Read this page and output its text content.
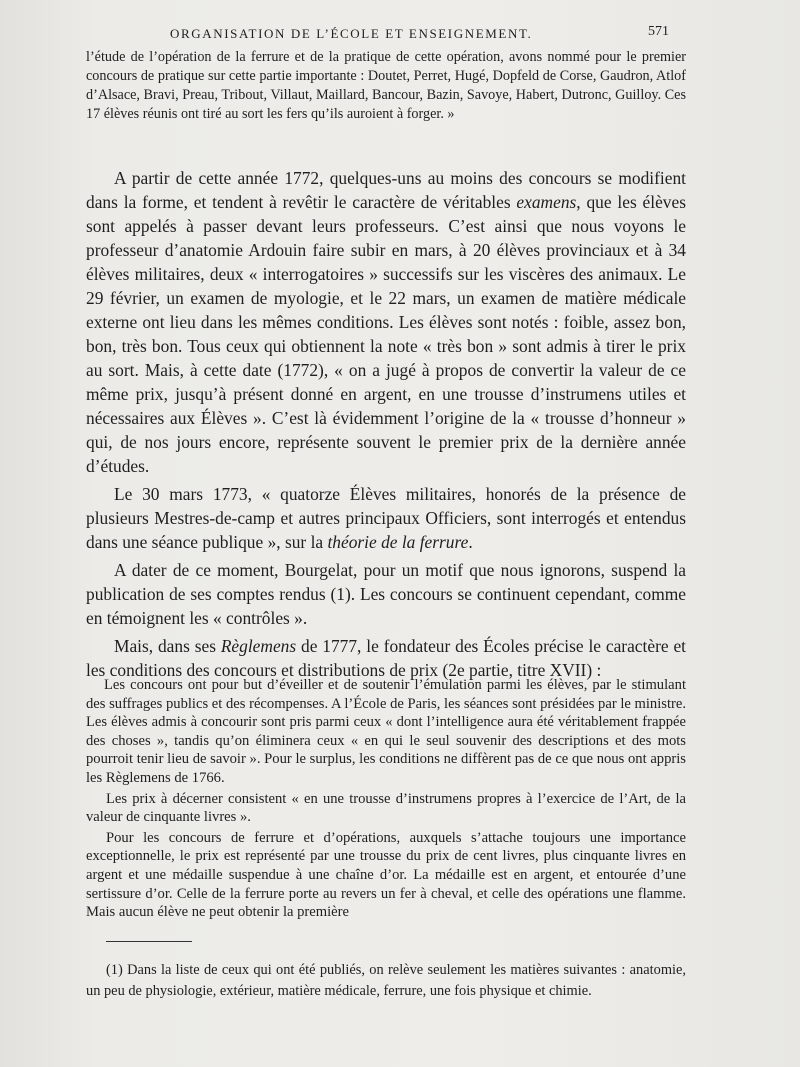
ORGANISATION DE L’ÉCOLE ET ENSEIGNEMENT.	571

l’étude de l’opération de la ferrure et de la pratique de cette opération, avons nommé pour le premier concours de pratique sur cette partie importante : Doutet, Perret, Hugé, Dopfeld de Corse, Gaudron, Atlof d’Alsace, Bravi, Preau, Tribout, Villaut, Maillard, Bancour, Bazin, Savoye, Habert, Dutronc, Guilloy. Ces 17 élèves réunis ont tiré au sort les fers qu’ils auroient à forger. »

A partir de cette année 1772, quelques-uns au moins des concours se modifient dans la forme, et tendent à revêtir le caractère de véritables examens, que les élèves sont appelés à passer devant leurs professeurs. C’est ainsi que nous voyons le professeur d’anatomie Ardouin faire subir en mars, à 20 élèves provinciaux et à 34 élèves militaires, deux « interrogatoires » successifs sur les viscères des animaux. Le 29 février, un examen de myologie, et le 22 mars, un examen de matière médicale externe ont lieu dans les mêmes conditions. Les élèves sont notés : foible, assez bon, bon, très bon. Tous ceux qui obtiennent la note « très bon » sont admis à tirer le prix au sort. Mais, à cette date (1772), « on a jugé à propos de convertir la valeur de ce même prix, jusqu’à présent donné en argent, en une trousse d’instrumens utiles et nécessaires aux Élèves ». C’est là évidemment l’origine de la « trousse d’honneur » qui, de nos jours encore, représente souvent le premier prix de la dernière année d’études.

Le 30 mars 1773, « quatorze Élèves militaires, honorés de la présence de plusieurs Mestres-de-camp et autres principaux Officiers, sont interrogés et entendus dans une séance publique », sur la théorie de la ferrure.

A dater de ce moment, Bourgelat, pour un motif que nous ignorons, suspend la publication de ses comptes rendus (1). Les concours se continuent cependant, comme en témoignent les « contrôles ».

Mais, dans ses Règlemens de 1777, le fondateur des Écoles précise le caractère et les conditions des concours et distributions de prix (2e partie, titre XVII) :

Les concours ont pour but d’éveiller et de soutenir l’émulation parmi les élèves, par le stimulant des suffrages publics et des récompenses. A l’École de Paris, les séances sont présidées par le ministre. Les élèves admis à concourir sont pris parmi ceux « dont l’intelligence aura été véritablement frappée des choses », tandis qu’on éliminera ceux « en qui le seul souvenir des descriptions et des mots pourroit tenir lieu de savoir ». Pour le surplus, les conditions ne diffèrent pas de ce que nous ont appris les Règlemens de 1766.

Les prix à décerner consistent « en une trousse d’instrumens propres à l’exercice de l’Art, de la valeur de cinquante livres ».

Pour les concours de ferrure et d’opérations, auxquels s’attache toujours une importance exceptionnelle, le prix est représenté par une trousse du prix de cent livres, plus cinquante livres en argent et une médaille suspendue à une chaîne d’or. La médaille est en argent, et entourée d’une sertissure d’or. Celle de la ferrure porte au revers un fer à cheval, et celle des opérations une flamme. Mais aucun élève ne peut obtenir la première

(1) Dans la liste de ceux qui ont été publiés, on relève seulement les matières suivantes : anatomie, un peu de physiologie, extérieur, matière médicale, ferrure, une fois physique et chimie.
